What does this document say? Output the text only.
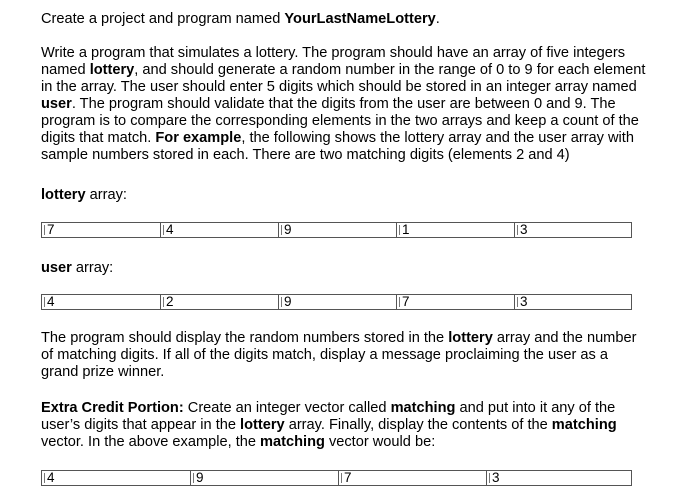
Create a project and program named YourLastNameLottery.

Write a program that simulates a lottery. The program should have an array of five integers
named lottery, and should generate a random number in the range of 0 to 9 for each element
in the array. The user should enter 5 digits which should be stored in an integer array named
user. The program should validate that the digits from the user are between 0 and 9. The
program is to compare the corresponding elements in the two arrays and keep a count of the
digits that match. For example, the following shows the lottery array and the user array with
sample numbers stored in each. There are two matching digits (elements 2 and 4)

lottery array:

7	4	9	1	3

user array:

4	2	9	7	3

The program should display the random numbers stored in the lottery array and the number
of matching digits. If all of the digits match, display a message proclaiming the user as a
grand prize winner.

Extra Credit Portion: Create an integer vector called matching and put into it any of the
user’s digits that appear in the lottery array. Finally, display the contents of the matching
vector. In the above example, the matching vector would be:

4	9	7	3
